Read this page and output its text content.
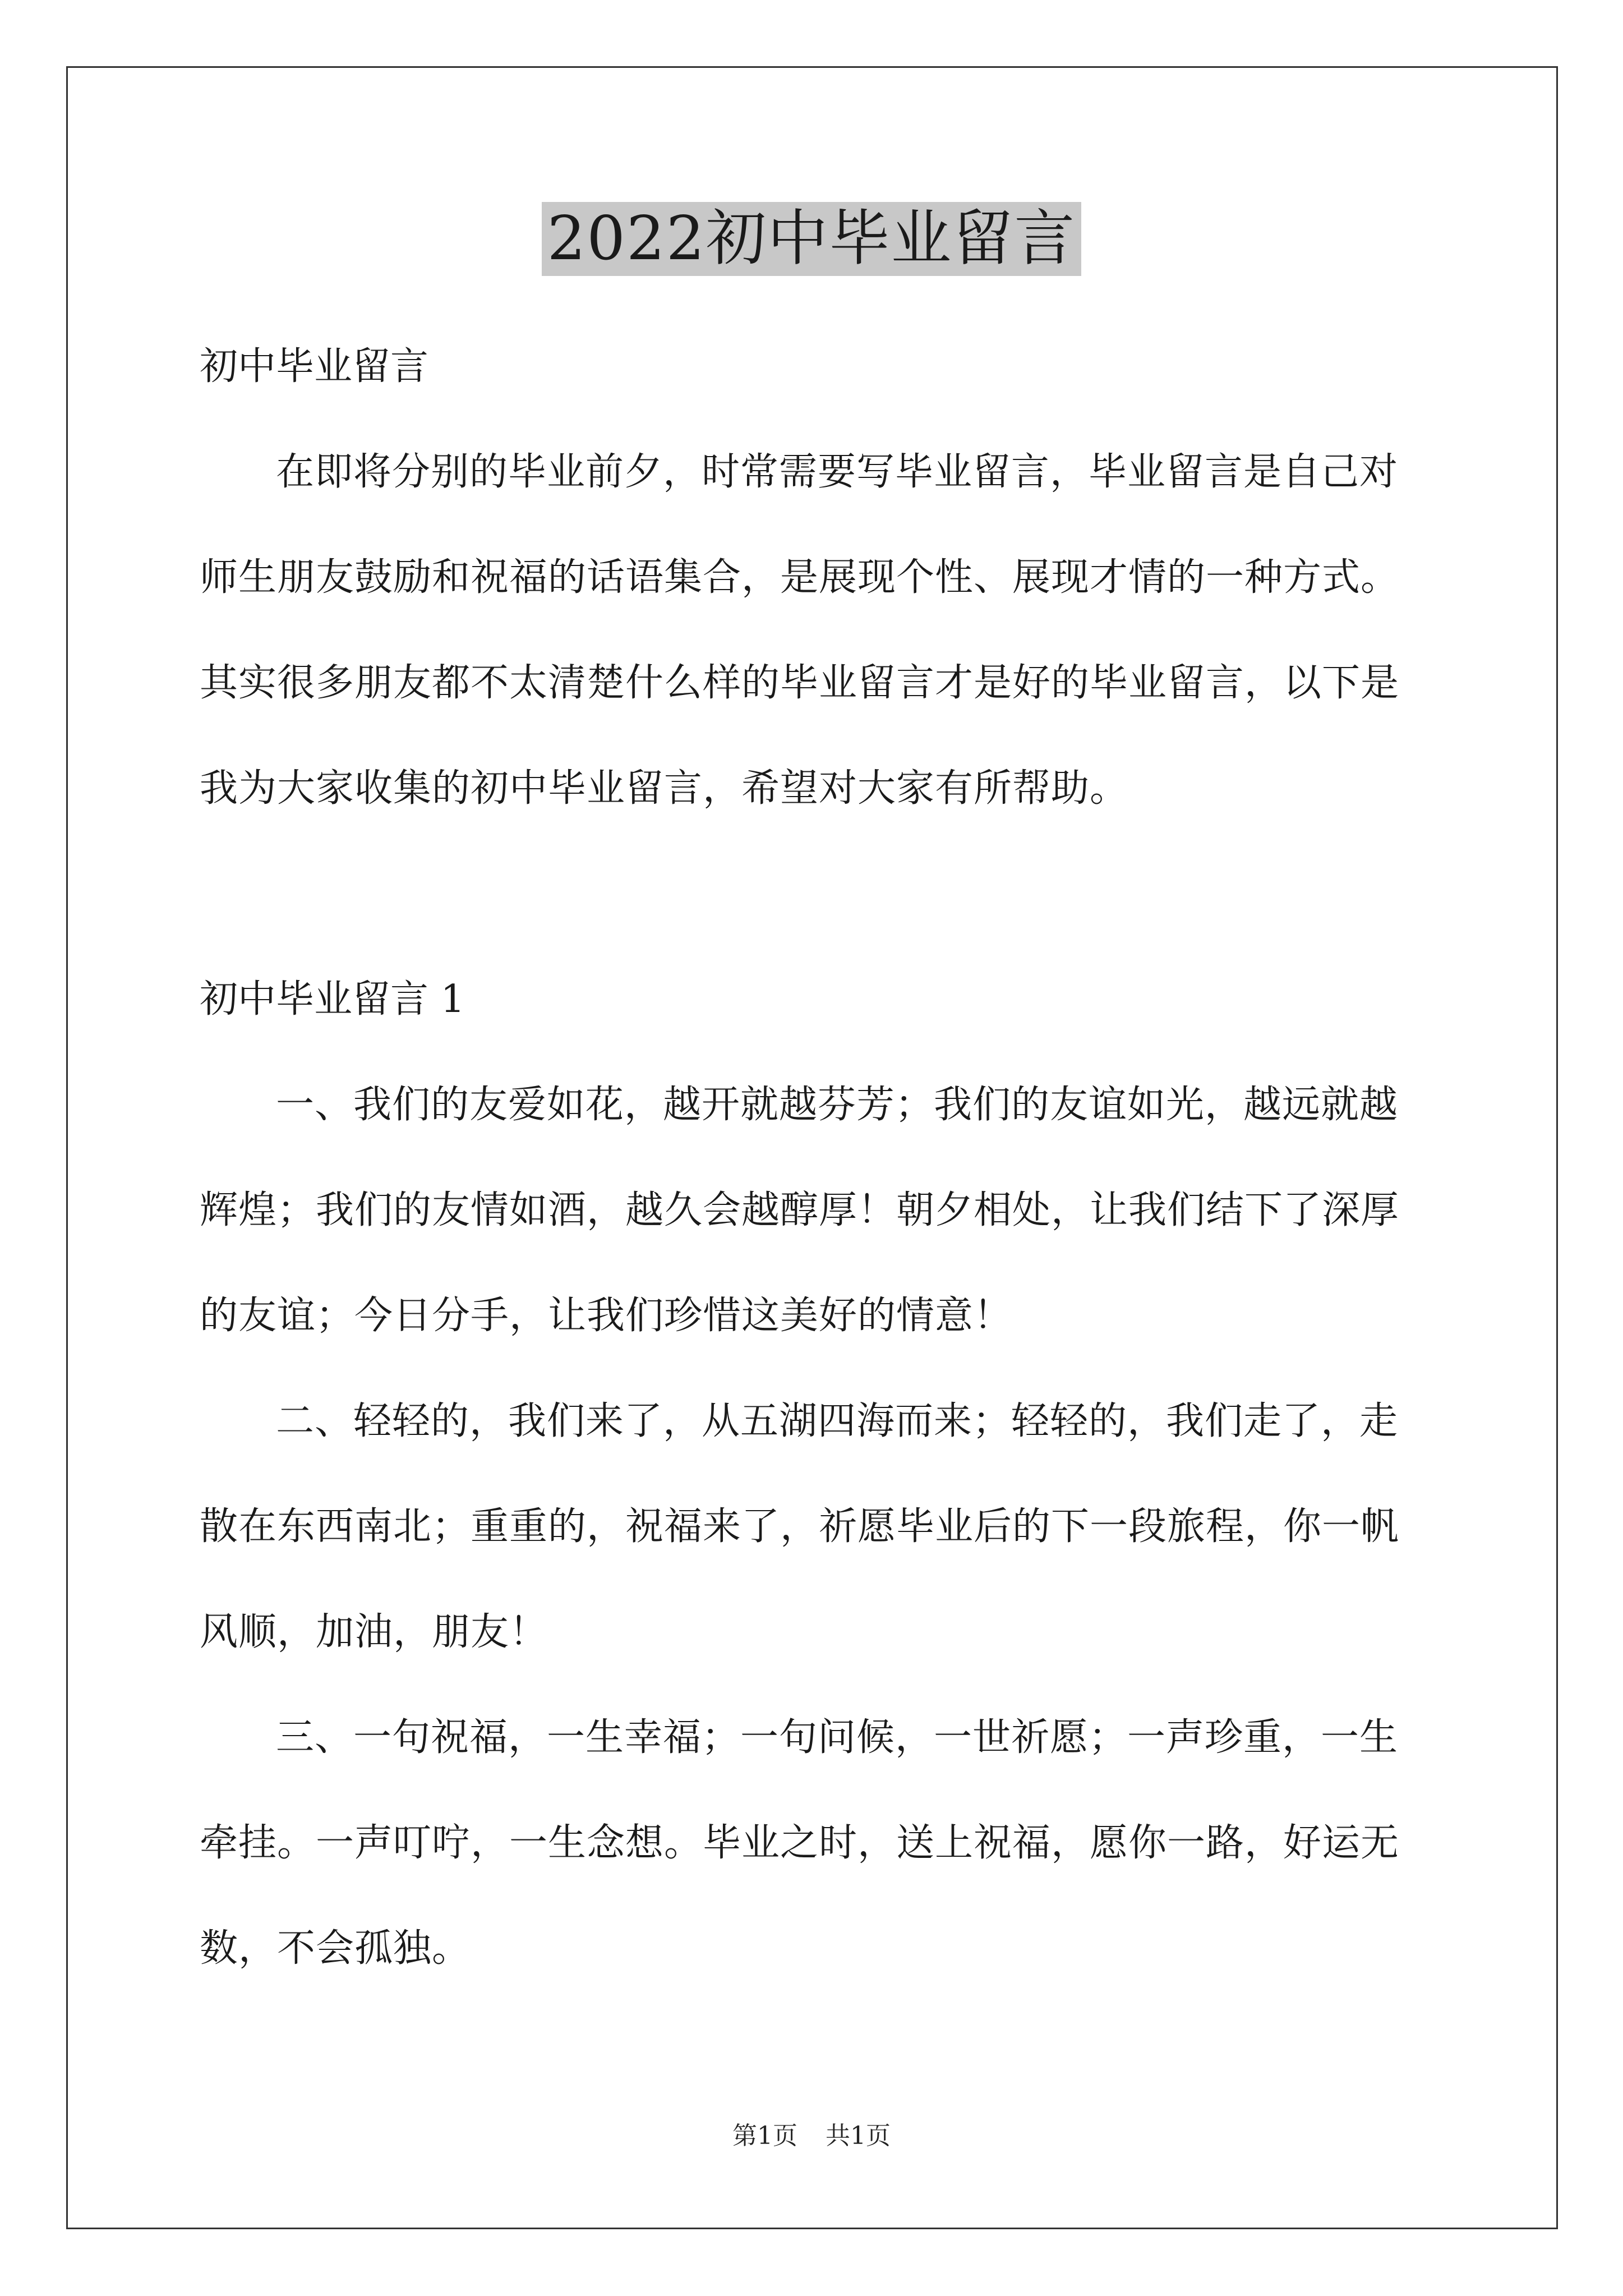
2022初中毕业留言

初中毕业留言

在即将分别的毕业前夕，时常需要写毕业留言，毕业留言是自己对师生朋友鼓励和祝福的话语集合，是展现个性、展现才情的一种方式。其实很多朋友都不太清楚什么样的毕业留言才是好的毕业留言，以下是我为大家收集的初中毕业留言，希望对大家有所帮助。

初中毕业留言 1

一、我们的友爱如花，越开就越芬芳；我们的友谊如光，越远就越辉煌；我们的友情如酒，越久会越醇厚！朝夕相处，让我们结下了深厚的友谊；今日分手，让我们珍惜这美好的情意！

二、轻轻的，我们来了，从五湖四海而来；轻轻的，我们走了，走散在东西南北；重重的，祝福来了，祈愿毕业后的下一段旅程，你一帆风顺，加油，朋友！

三、一句祝福，一生幸福；一句问候，一世祈愿；一声珍重，一生牵挂。一声叮咛，一生念想。毕业之时，送上祝福，愿你一路，好运无数，不会孤独。

第1页 共1页
